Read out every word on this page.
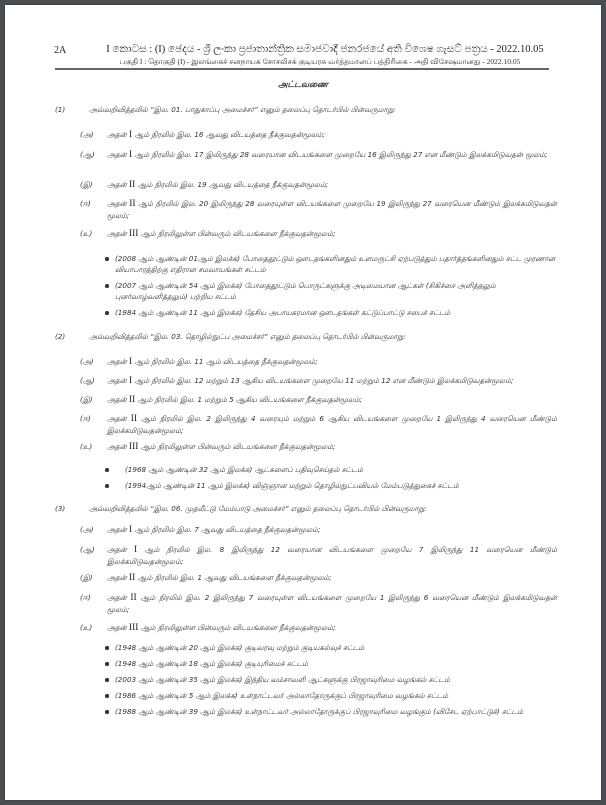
2A	I කොටස : (I) ඡෙදය - ශ්‍රී ලංකා ප්‍රජාතාන්ත්‍රික සමාජවාදී ජනරජයේ අති විශෙෂ ගැසට් පත්‍රය - 2022.10.05
பகுதி I : தொகுதி (I) - இலங்கைச் சனநாயக சோசலிசக் குடியரசு வர்த்தமானப் பத்திரிகை - அதி விசேஷமானது - 2022.10.05
அட்டவணை
(1)	அவ்வறிவித்தலில் “இல. 01. பாதுகாப்பு அமைச்சர்” எனும் தலைப்பு தொடர்பில் பின்வருமாறு:
(அ)	அதன் I ஆம் நிரலில் இல. 16 ஆவது விடயத்தை நீக்குவதன்மூலம்;
(ஆ)	அதன் I ஆம் நிரலில் இல. 17 இலிருந்து 28 வரையான விடயங்களை முறையே 16 இலிருந்து 27 என மீண்டும் இலக்கமிடுவதன் மூலம்;
(இ)	அதன் II ஆம் நிரலில் இல. 19 ஆவது விடயத்தை நீக்குவதன்மூலம்;
(ஈ)	அதன் II ஆம் நிரலில் இல. 20 இலிருந்து 28 வரையுள்ள விடயங்களை முறையே 19 இலிருந்து 27 வரையென மீண்டும் இலக்கமிடுவதன் மூலம்;
(உ)	அதன் III ஆம் நிரலிலுள்ள பின்வரும் விடயங்களை நீக்குவதன்மூலம்;
(2008 ஆம் ஆண்டின் 01ஆம் இலக்க) போதைதூட்டும் ஔடதங்களினதும் உளமருட்சி ஏற்படுத்தும் பதார்த்தங்களினதும் சட்ட முரணான வியாபாரத்திற்கு எதிரான சமவாயங்கள் சட்டம்
(2007 ஆம் ஆண்டின் 54 ஆம் இலக்க) போதைதூட்டும் பொருட்களுக்கு அடிமையான ஆட்கள் (சிகிச்சை அளித்தலும் புனர்வாழ்வளித்தலும்) பற்றிய சட்டம்
(1984 ஆம் ஆண்டின் 11 ஆம் இலக்க) தேசிய அபாயகரமான ஔடதங்கள் கட்டுப்பாட்டு சபைச் சட்டம்
(2)	அவ்வறிவித்தலில் “இல. 03. தொழில்நுட்ப அமைச்சர்” எனும் தலைப்பு தொடர்பில் பின்வருமாறு:
(அ)	அதன் I ஆம் நிரலில் இல. 11 ஆம் விடயத்தை நீக்குவதன்மூலம்;
(ஆ)	அதன் I ஆம் நிரலில் இல. 12 மற்றும் 13 ஆகிய விடயங்களை முறையே 11 மற்றும் 12 என மீண்டும் இலக்கமிடுவதன்மூலம்;
(இ)	அதன் II ஆம் நிரலில் இல. 1 மற்றும் 5 ஆகிய விடயங்களை நீக்குவதன்மூலம்;
(ஈ)	அதன் II ஆம் நிரலில் இல. 2 இலிருந்து 4 வரையும் மற்றும் 6 ஆகிய விடயங்களை முறையே 1 இலிருந்து 4 வரையென மீண்டும் இலக்கமிடுவதன்மூலம்;
(உ)	அதன் III ஆம் நிரலிலுள்ள பின்வரும் விடயங்களை நீக்குவதன்மூலம்;
(1968 ஆம் ஆண்டின் 32 ஆம் இலக்க) ஆட்களைப் பதிவுசெய்தல் சட்டம்
(1994ஆம் ஆண்டின் 11 ஆம் இலக்க) விஞ்ஞான மற்றும் தொழில்நுட்பவியல் மேம்படுத்துகைச் சட்டம்
(3)	அவ்வறிவித்தலில் “இல. 06. முதலீட்டு மேம்பாடு அமைச்சர்” எனும் தலைப்பு தொடர்பில் பின்வருமாறு:
(அ)	அதன் I ஆம் நிரலில் இல. 7 ஆவது விடயத்தை நீக்குவதன்மூலம்;
(ஆ)	அதன் I ஆம் நிரலில் இல. 8 இலிருந்து 12 வரையான விடயங்களை முறையே 7 இலிருந்து 11 வரையென மீண்டும் இலக்கமிடுவதன்மூலம்;
(இ)	அதன் II ஆம் நிரலில் இல. 1 ஆவது விடயங்களை நீக்குவதன்மூலம்;
(ஈ)	அதன் II ஆம் நிரலில் இல. 2 இலிருந்து 7 வரையுள்ள விடயங்களை முறையே 1 இலிருந்து 6 வரையென மீண்டும் இலக்கமிடுவதன் மூலம்;
(உ)	அதன் III ஆம் நிரலிலுள்ள பின்வரும் விடயங்களை நீக்குவதன்மூலம்;
(1948 ஆம் ஆண்டின் 20 ஆம் இலக்க) குடிவரவு மற்றும் குடியகல்வுச் சட்டம்
(1948 ஆம் ஆண்டின் 18 ஆம் இலக்க) குடியுரிமைச் சட்டம்
(2003 ஆம் ஆண்டின் 35 ஆம் இலக்க) இந்திய வம்சாவளி ஆட்களுக்கு பிரஜாவுரிமை வழங்கல் சட்டம்
(1986 ஆம் ஆண்டின் 5 ஆம் இலக்க) உள்நாட்டவர் அல்லாதோருக்குப் பிரஜாவுரிமை வழங்கல் சட்டம்
(1988 ஆம் ஆண்டின் 39 ஆம் இலக்க) உள்நாட்டவர் அல்லாதோருக்குப் பிரஜாவுரிமை வழங்கும் (விசேட ஏற்பாட்டுச்) சட்டம்
